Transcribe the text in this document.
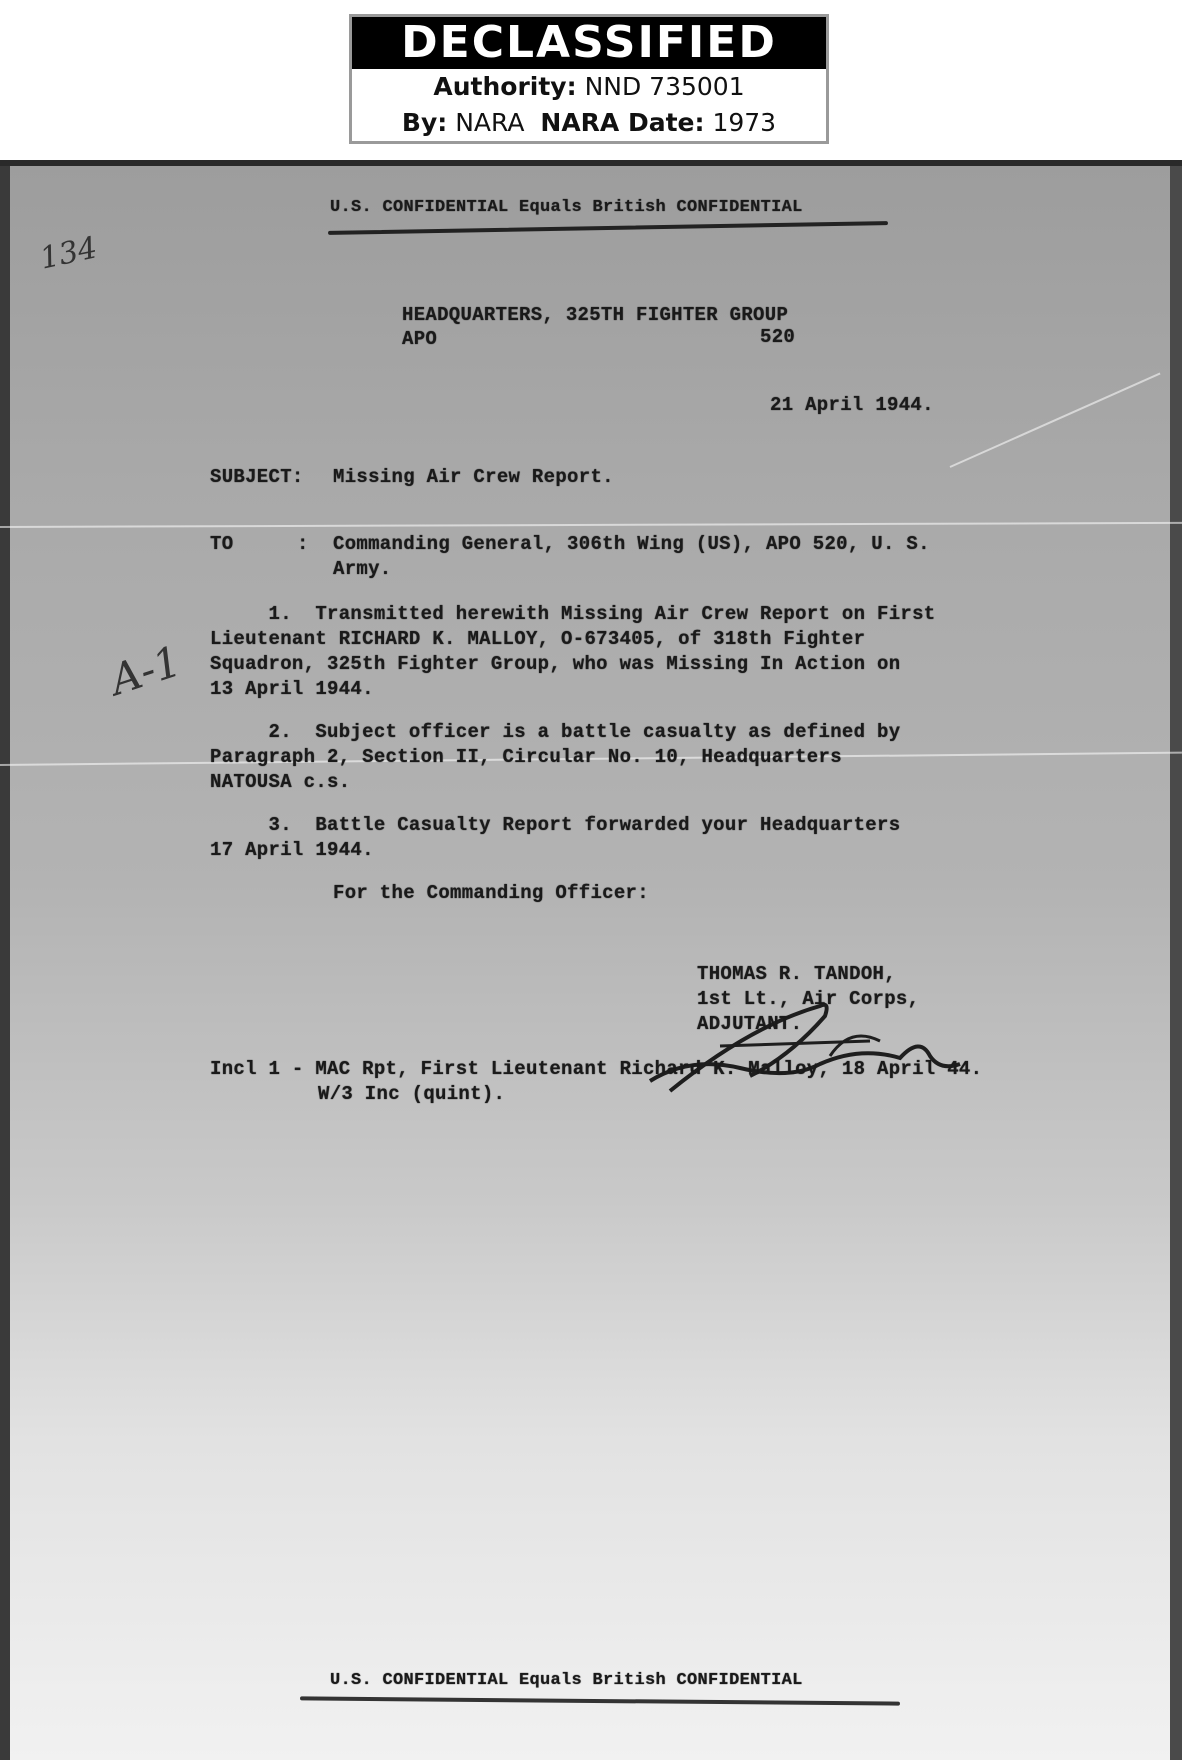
DECLASSIFIED
Authority: NND 735001
By: NARA NARA Date: 1973
U.S. CONFIDENTIAL Equals British CONFIDENTIAL
134
A-1
HEADQUARTERS, 325TH FIGHTER GROUP
APO	520
21 April 1944.
SUBJECT: Missing Air Crew Report.
TO	: Commanding General, 306th Wing (US), APO 520, U. S.
Army.
1.  Transmitted herewith Missing Air Crew Report on First
Lieutenant RICHARD K. MALLOY, O-673405, of 318th Fighter
Squadron, 325th Fighter Group, who was Missing In Action on
13 April 1944.
2.  Subject officer is a battle casualty as defined by
Paragraph 2, Section II, Circular No. 10, Headquarters
NATOUSA c.s.
3.  Battle Casualty Report forwarded your Headquarters
17 April 1944.
For the Commanding Officer:
THOMAS R. TANDOH,
1st Lt., Air Corps,
ADJUTANT.
Incl 1 - MAC Rpt, First Lieutenant Richard K. Malloy, 18 April 44.
W/3 Inc (quint).
U.S. CONFIDENTIAL Equals British CONFIDENTIAL
